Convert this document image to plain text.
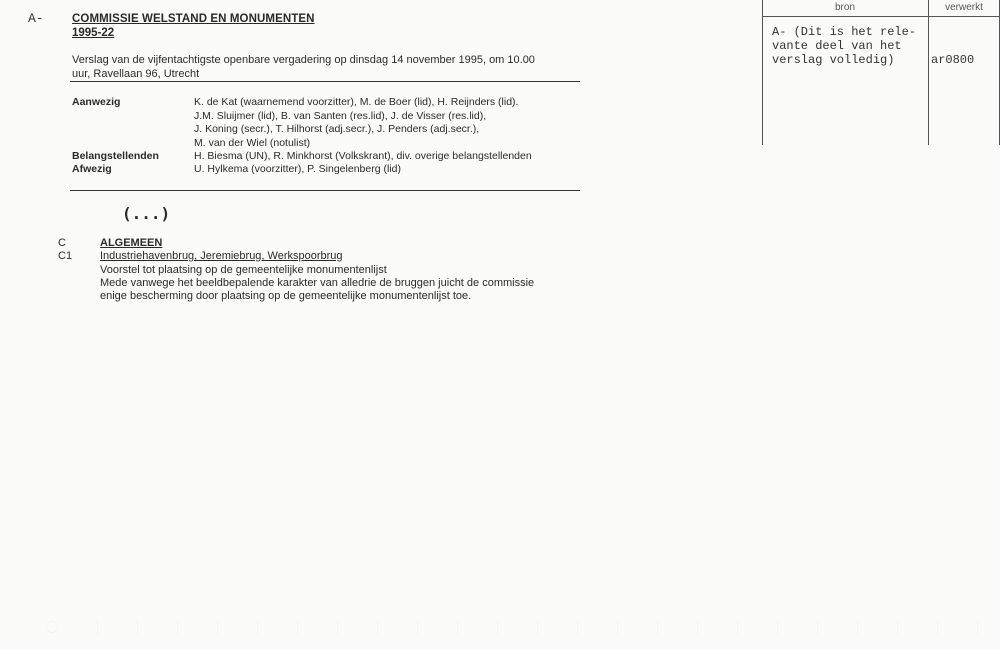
A- COMMISSIE WELSTAND EN MONUMENTEN
1995-22
Verslag van de vijfentachtigste openbare vergadering op dinsdag 14 november 1995, om 10.00
uur, Ravellaan 96, Utrecht
Aanwezig	K. de Kat (waarnemend voorzitter), M. de Boer (lid), H. Reijnders (lid).
J.M. Sluijmer (lid), B. van Santen (res.lid), J. de Visser (res.lid),
J. Koning (secr.), T. Hilhorst (adj.secr.), J. Penders (adj.secr.),
M. van der Wiel (notulist)
Belangstellenden	H. Biesma (UN), R. Minkhorst (Volkskrant), div. overige belangstellenden
Afwezig	U. Hylkema (voorzitter), P. Singelenberg (lid)
(...)
C	ALGEMEEN
C1	Industriehavenbrug, Jeremiebrug, Werkspoorbrug
Voorstel tot plaatsing op de gemeentelijke monumentenlijst
Mede vanwege het beeldbepalende karakter van alledrie de bruggen juicht de commissie
enige bescherming door plaatsing op de gemeentelijke monumentenlijst toe.
bron	verwerkt
A- (Dit is het rele-
vante deel van het
verslag volledig)	ar0800
